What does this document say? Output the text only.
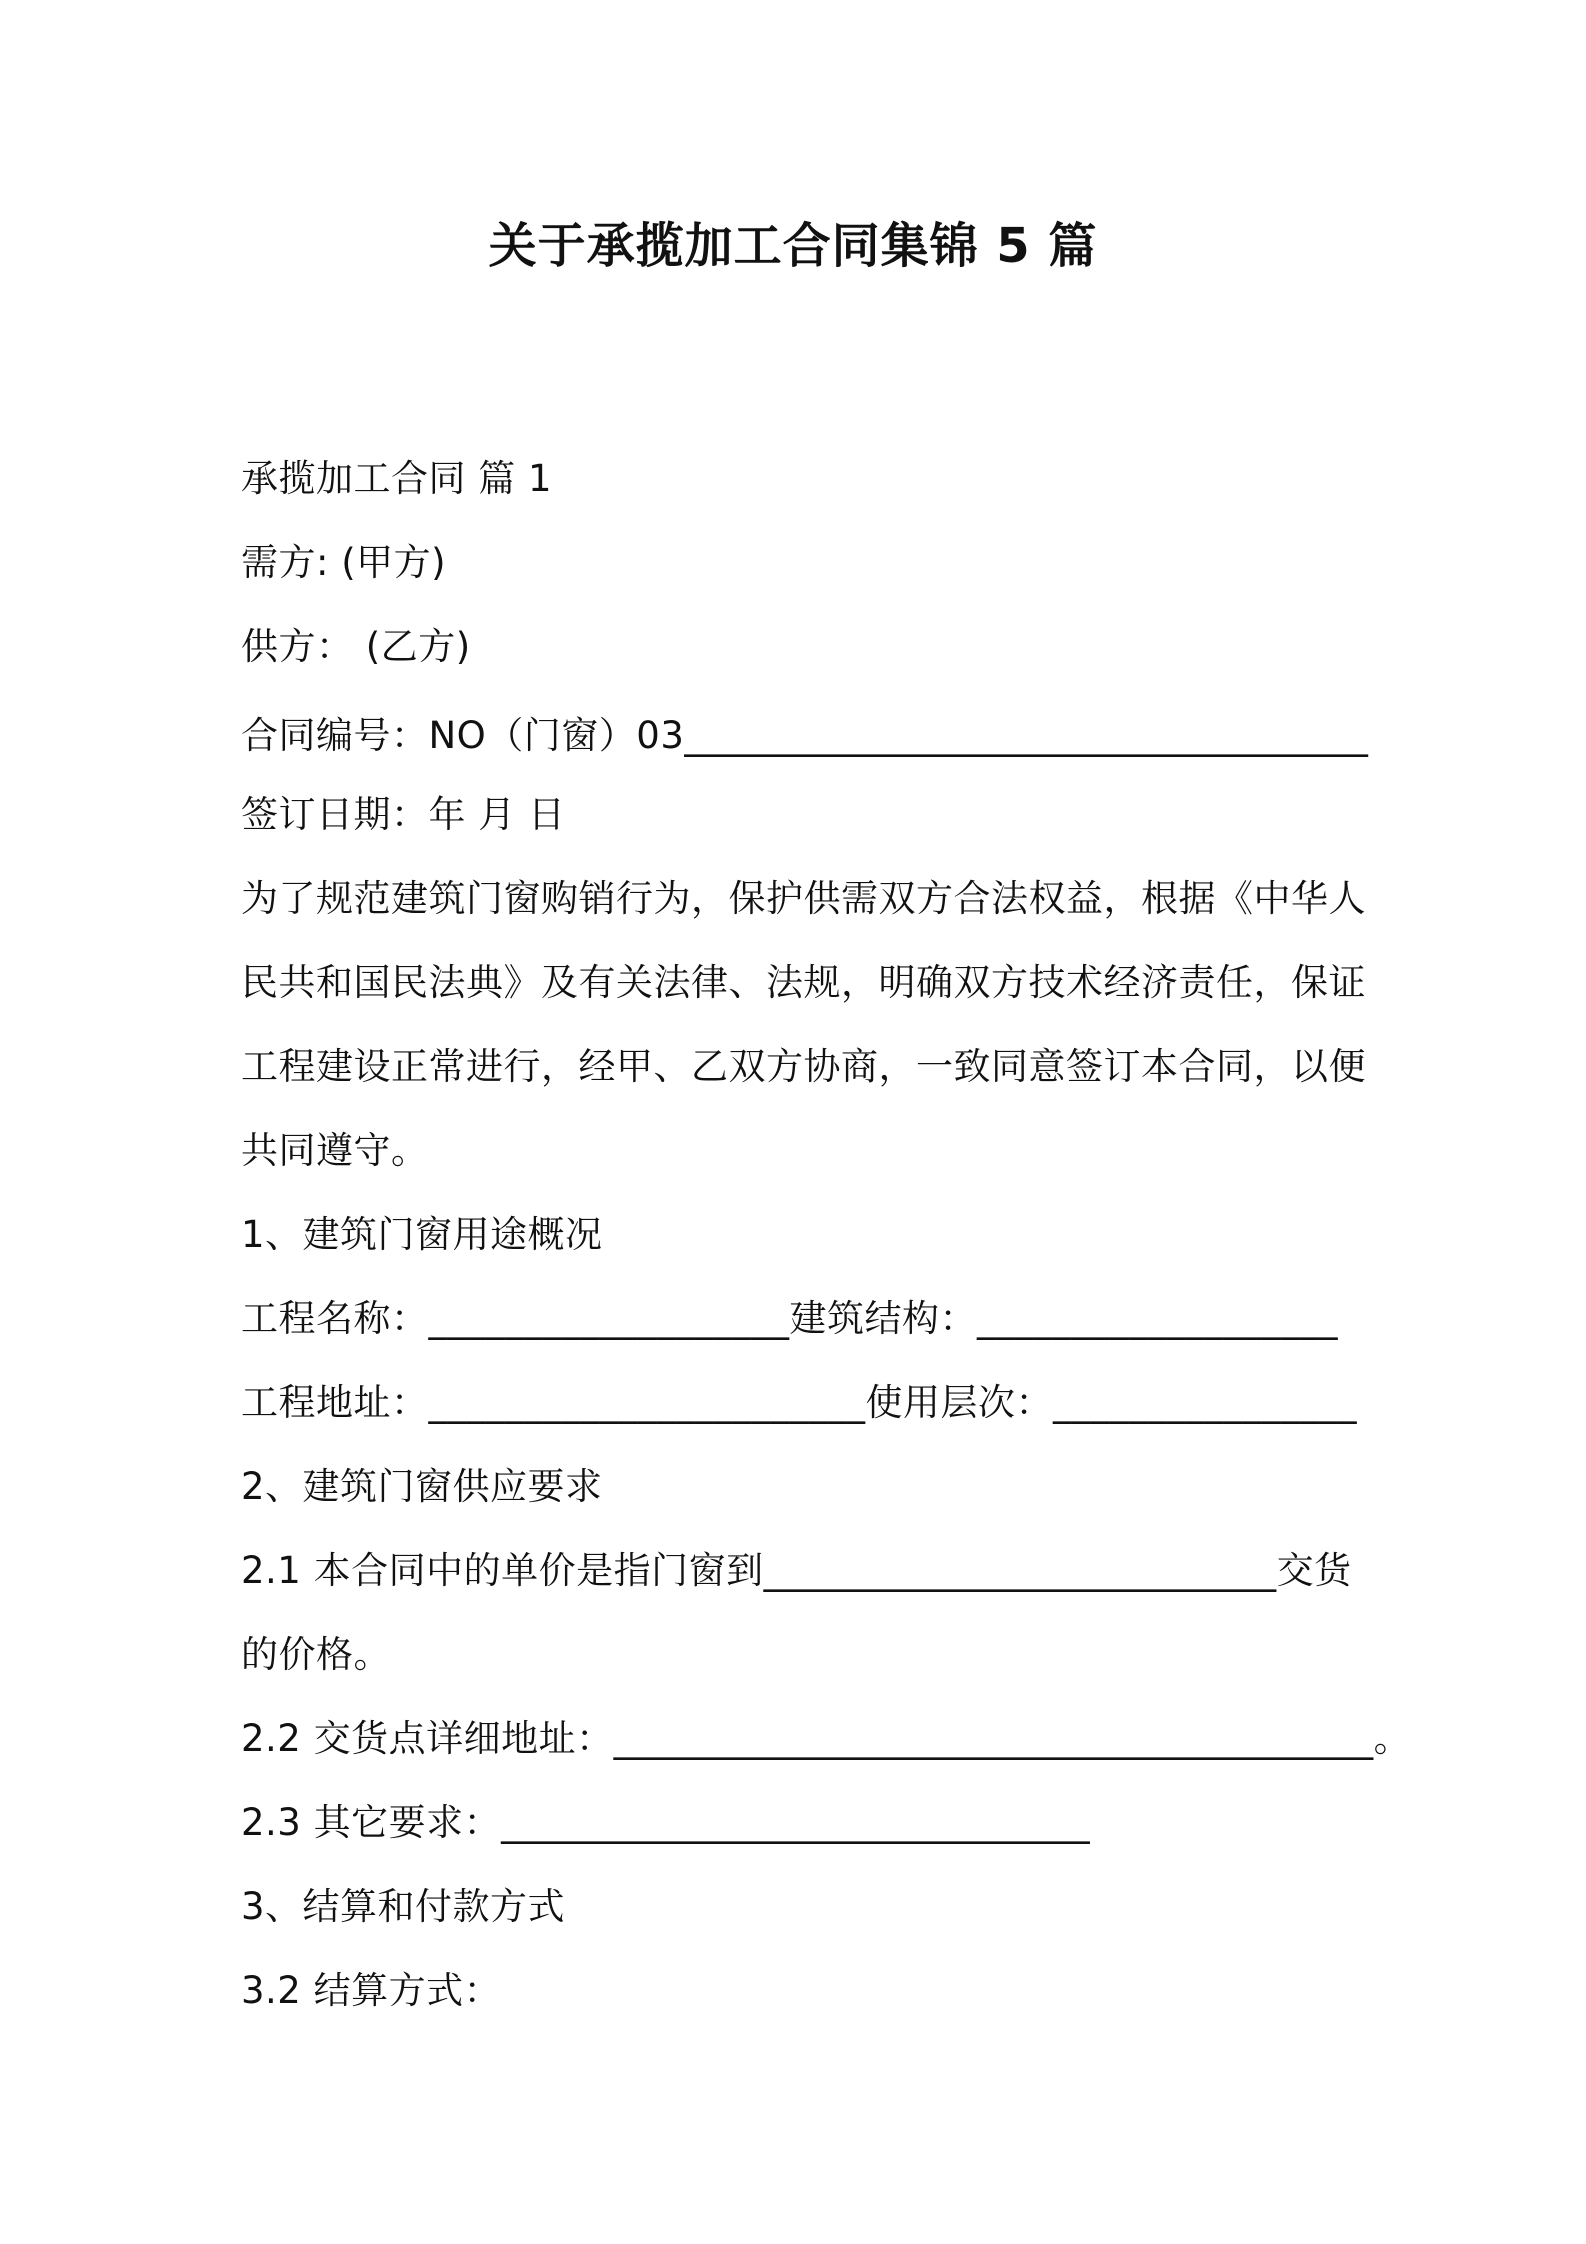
关于承揽加工合同集锦 5 篇
承揽加工合同 篇 1
需方: (甲方)
供方： (乙方)
合同编号：NO（门窗）03____________________________________
签订日期：年 月 日
为了规范建筑门窗购销行为，保护供需双方合法权益，根据《中华人
民共和国民法典》及有关法律、法规，明确双方技术经济责任，保证
工程建设正常进行，经甲、乙双方协商，一致同意签订本合同，以便
共同遵守。
1、建筑门窗用途概况
工程名称：___________________建筑结构：___________________
工程地址：_______________________使用层次：________________
2、建筑门窗供应要求
2.1 本合同中的单价是指门窗到___________________________交货
的价格。
2.2 交货点详细地址：________________________________________。
2.3 其它要求：_______________________________
3、结算和付款方式
3.2 结算方式：
